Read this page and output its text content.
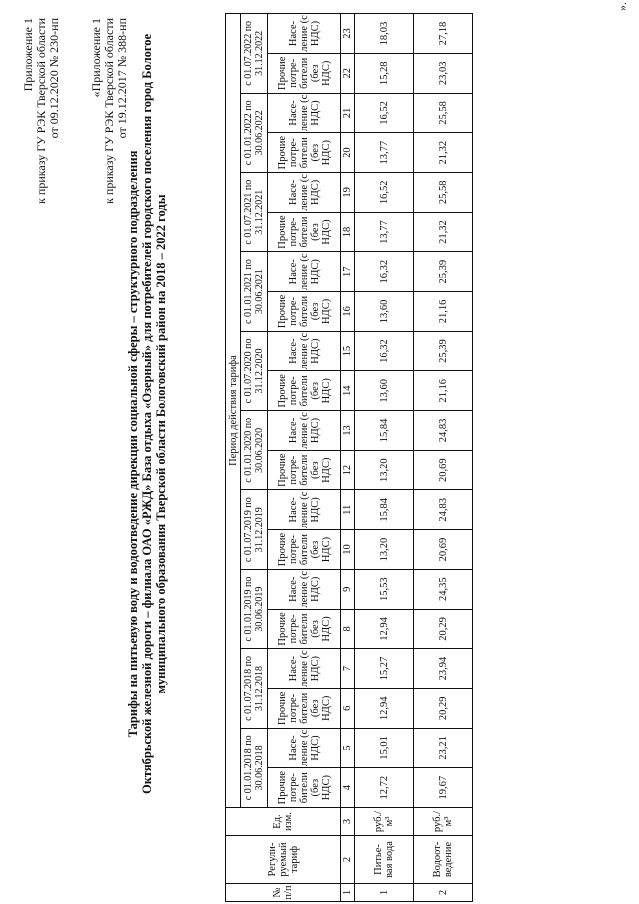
Приложение 1 к приказу ГУ РЭК Тверской области от 09.12.2020 № 230-нп «Приложение 1 к приказу ГУ РЭК Тверской области от 19.12.2017 № 388-нп
Тарифы на питьевую воду и водоотведение дирекции социальной сферы – структурного подразделения Октябрьской железной дороги – филиала ОАО «РЖД» База отдыха «Озерный» для потребителей городского поселения город Бологое муниципального образования Тверской области Бологовский район на 2018 – 2022 годы
№ п/п	Регули-руемый тариф	Ед. изм.	Период действия тарифа																			
			с 01.01.2018 по 30.06.2018		с 01.07.2018 по 31.12.2018		с 01.01.2019 по 30.06.2019		с 01.07.2019 по 31.12.2019		с 01.01.2020 по 30.06.2020		с 01.07.2020 по 31.12.2020		с 01.01.2021 по 30.06.2021		с 01.07.2021 по 31.12.2021		с 01.01.2022 по 30.06.2022		с 01.07.2022 по 31.12.2022	
			Прочие потре-бители (без НДС)	Насе-ление (с НДС)	Прочие потре-бители (без НДС)	Насе-ление (с НДС)	Прочие потре-бители (без НДС)	Насе-ление (с НДС)	Прочие потре-бители (без НДС)	Насе-ление (с НДС)	Прочие потре-бители (без НДС)	Насе-ление (с НДС)	Прочие потре-бители (без НДС)	Насе-ление (с НДС)	Прочие потре-бители (без НДС)	Насе-ление (с НДС)	Прочие потре-бители (без НДС)	Насе-ление (с НДС)	Прочие потре-бители (без НДС)	Насе-ление (с НДС)	Прочие потре-бители (без НДС)	Насе-ление (с НДС)
1	2	3	4	5	6	7	8	9	10	11	12	13	14	15	16	17	18	19	20	21	22	23
1	Питье-вая вода	руб./м³	12,72	15,01	12,94	15,27	12,94	15,53	13,20	15,84	13,20	15,84	13,60	16,32	13,60	16,32	13,77	16,52	13,77	16,52	15,28	18,03
2	Водоот-ведение	руб./м³	19,67	23,21	20,29	23,94	20,29	24,35	20,69	24,83	20,69	24,83	21,16	25,39	21,16	25,39	21,32	25,58	21,32	25,58	23,03	27,18
».
